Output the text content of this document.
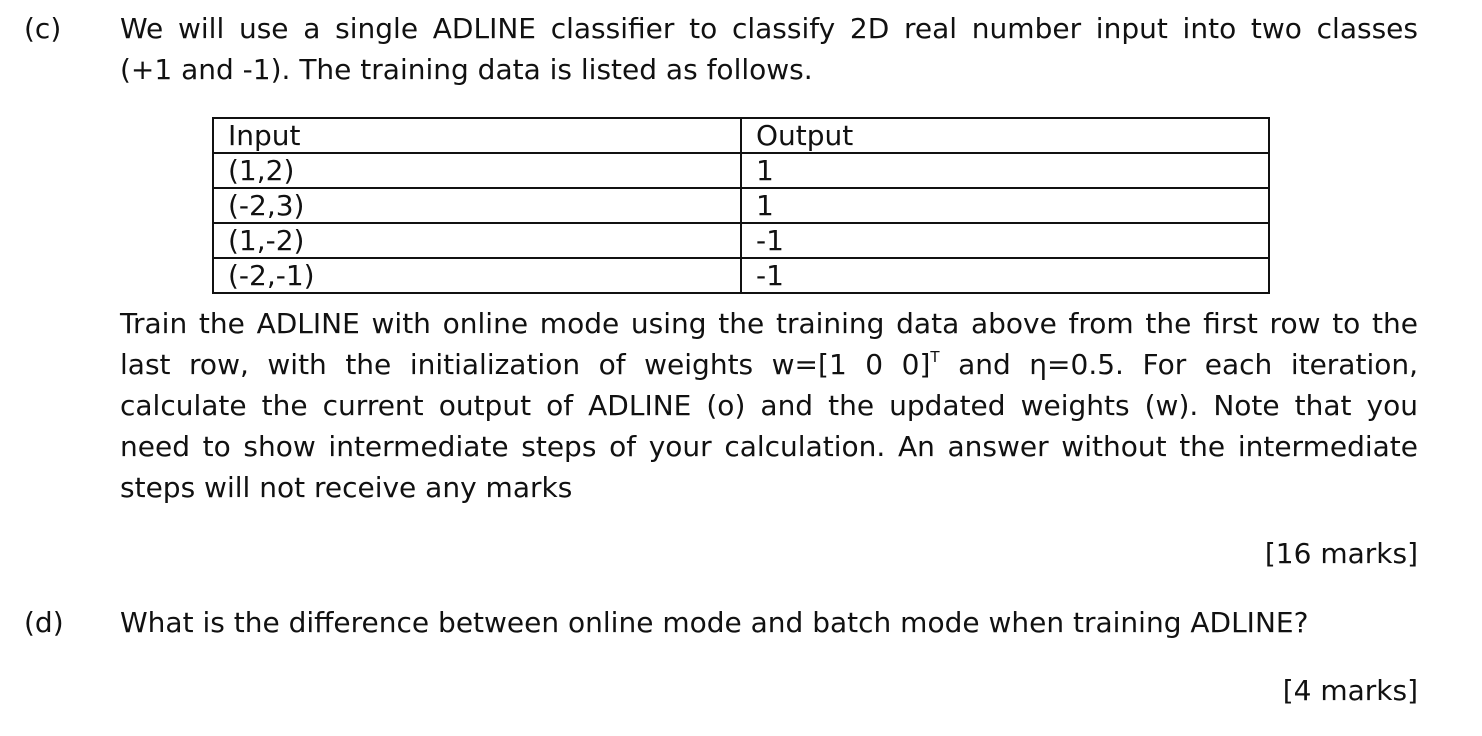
(c) We will use a single ADLINE classifier to classify 2D real number input into two classes
(+1 and -1). The training data is listed as follows.
Input	Output
(1,2)	1
(-2,3)	1
(1,-2)	-1
(-2,-1)	-1
Train the ADLINE with online mode using the training data above from the first row to the
last row, with the initialization of weights w=[1 0 0]$^T$ and η=0.5. For each iteration,
calculate the current output of ADLINE (o) and the updated weights (w). Note that you
need to show intermediate steps of your calculation. An answer without the intermediate
steps will not receive any marks
[16 marks]
(d) What is the difference between online mode and batch mode when training ADLINE?
[4 marks]
